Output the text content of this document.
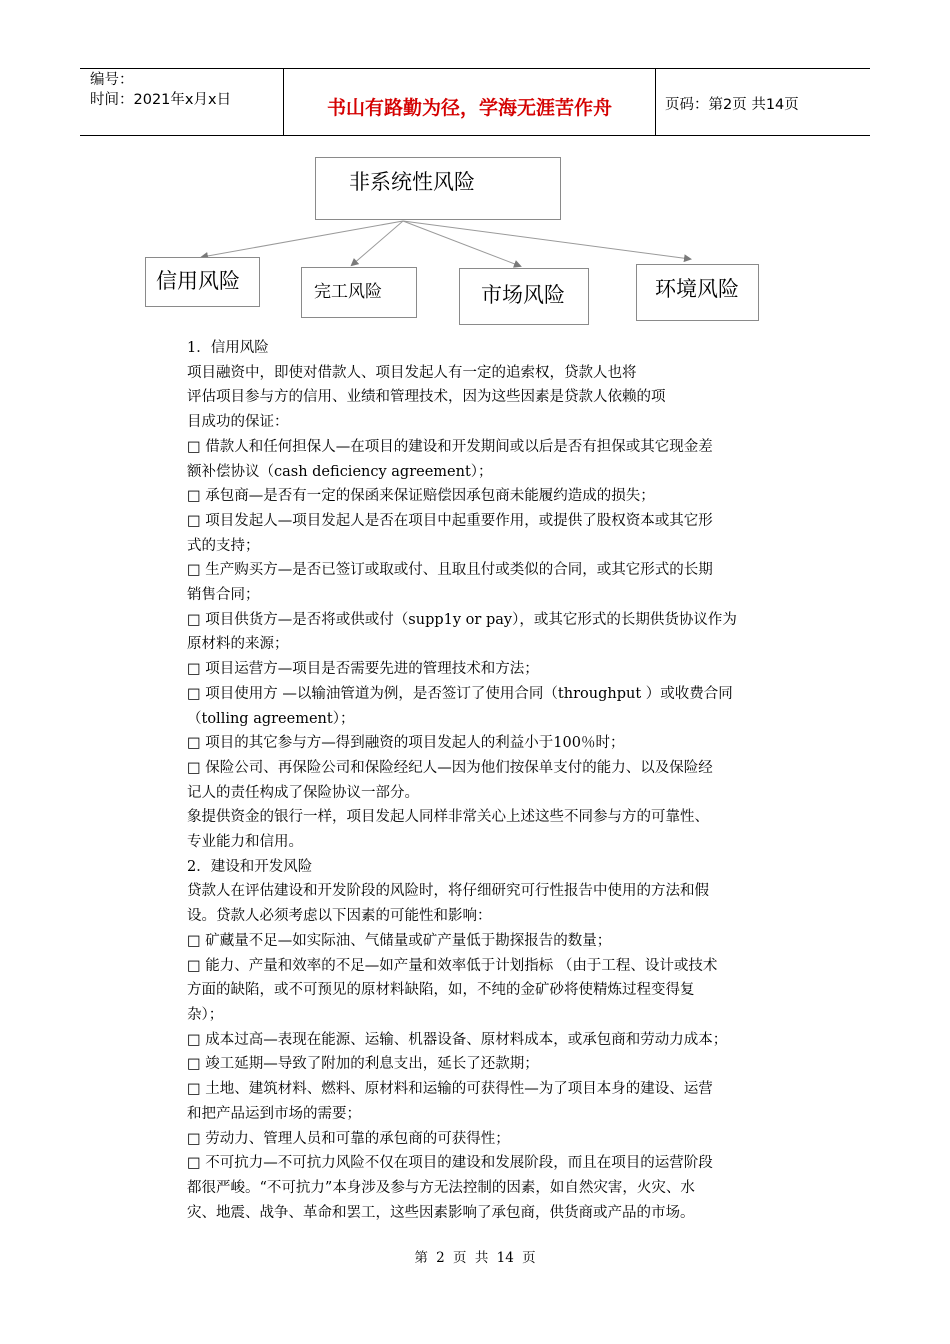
编号：
时间：2021年x月x日	书山有路勤为径，学海无涯苦作舟	页码：第2页 共14页
非系统性风险
信用风险	完工风险	市场风险	环境风险

1．信用风险

项目融资中，即使对借款人、项目发起人有一定的追索权，贷款人也将

评估项目参与方的信用、业绩和管理技术，因为这些因素是贷款人依赖的项

目成功的保证：

□ 借款人和任何担保人—在项目的建设和开发期间或以后是否有担保或其它现金差

额补偿协议（cash deficiency agreement）；

□ 承包商—是否有一定的保函来保证赔偿因承包商未能履约造成的损失；

□ 项目发起人—项目发起人是否在项目中起重要作用，或提供了股权资本或其它形

式的支持；

□ 生产购买方—是否已签订或取或付、且取且付或类似的合同，或其它形式的长期

销售合同；

□ 项目供货方—是否将或供或付（supp1y or pay），或其它形式的长期供货协议作为

原材料的来源；

□ 项目运营方—项目是否需要先进的管理技术和方法；

□ 项目使用方 —以输油管道为例，是否签订了使用合同（throughput ）或收费合同

（tolling agreement）；

□ 项目的其它参与方—得到融资的项目发起人的利益小于100％时；

□ 保险公司、再保险公司和保险经纪人—因为他们按保单支付的能力、以及保险经

记人的责任构成了保险协议一部分。

象提供资金的银行一样，项目发起人同样非常关心上述这些不同参与方的可靠性、

专业能力和信用。

2．建设和开发风险

贷款人在评估建设和开发阶段的风险时，将仔细研究可行性报告中使用的方法和假

设。贷款人必须考虑以下因素的可能性和影响：

□ 矿藏量不足—如实际油、气储量或矿产量低于勘探报告的数量；

□ 能力、产量和效率的不足—如产量和效率低于计划指标 （由于工程、设计或技术

方面的缺陷，或不可预见的原材料缺陷，如，不纯的金矿砂将使精炼过程变得复

杂）；

□ 成本过高—表现在能源、运输、机器设备、原材料成本，或承包商和劳动力成本；

□ 竣工延期—导致了附加的利息支出，延长了还款期；

□ 土地、建筑材料、燃料、原材料和运输的可获得性—为了项目本身的建设、运营

和把产品运到市场的需要；

□ 劳动力、管理人员和可靠的承包商的可获得性；

□ 不可抗力—不可抗力风险不仅在项目的建设和发展阶段，而且在项目的运营阶段

都很严峻。“不可抗力”本身涉及参与方无法控制的因素，如自然灾害，火灾、水

灾、地震、战争、革命和罢工，这些因素影响了承包商，供货商或产品的市场。

第 2 页 共 14 页
